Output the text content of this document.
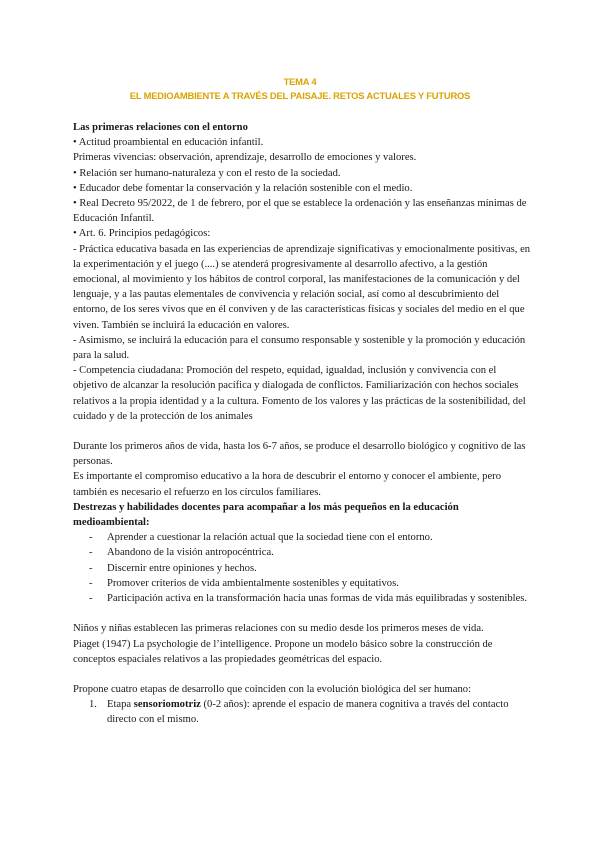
TEMA 4
EL MEDIOAMBIENTE A TRAVÉS DEL PAISAJE. RETOS ACTUALES Y FUTUROS

Las primeras relaciones con el entorno

• Actitud proambiental en educación infantil.

Primeras vivencias: observación, aprendizaje, desarrollo de emociones y valores.

• Relación ser humano-naturaleza y con el resto de la sociedad.

• Educador debe fomentar la conservación y la relación sostenible con el medio.

• Real Decreto 95/2022, de 1 de febrero, por el que se establece la ordenación y las enseñanzas mínimas de Educación Infantil.

• Art. 6. Principios pedagógicos:

- Práctica educativa basada en las experiencias de aprendizaje significativas y emocionalmente positivas, en la experimentación y el juego (....) se atenderá progresivamente al desarrollo afectivo, a la gestión emocional, al movimiento y los hábitos de control corporal, las manifestaciones de la comunicación y del lenguaje, y a las pautas elementales de convivencia y relación social, así como al descubrimiento del entorno, de los seres vivos que en él conviven y de las características físicas y sociales del medio en el que viven. También se incluirá la educación en valores.

- Asimismo, se incluirá la educación para el consumo responsable y sostenible y la promoción y educación para la salud.

- Competencia ciudadana: Promoción del respeto, equidad, igualdad, inclusión y convivencia con el objetivo de alcanzar la resolución pacífica y dialogada de conflictos. Familiarización con hechos sociales relativos a la propia identidad y a la cultura. Fomento de los valores y las prácticas de la sostenibilidad, del cuidado y de la protección de los animales

Durante los primeros años de vida, hasta los 6-7 años, se produce el desarrollo biológico y cognitivo de las personas.

Es importante el compromiso educativo a la hora de descubrir el entorno y conocer el ambiente, pero también es necesario el refuerzo en los círculos familiares.

Destrezas y habilidades docentes para acompañar a los más pequeños en la educación medioambiental:

- Aprender a cuestionar la relación actual que la sociedad tiene con el entorno.
- Abandono de la visión antropocéntrica.
- Discernir entre opiniones y hechos.
- Promover criterios de vida ambientalmente sostenibles y equitativos.
- Participación activa en la transformación hacia unas formas de vida más equilibradas y sostenibles.

Niños y niñas establecen las primeras relaciones con su medio desde los primeros meses de vida.

Piaget (1947) La psychologie de l’intelligence. Propone un modelo básico sobre la construcción de conceptos espaciales relativos a las propiedades geométricas del espacio.

Propone cuatro etapas de desarrollo que coinciden con la evolución biológica del ser humano:

1. Etapa sensoriomotriz (0-2 años): aprende el espacio de manera cognitiva a través del contacto directo con el mismo.
